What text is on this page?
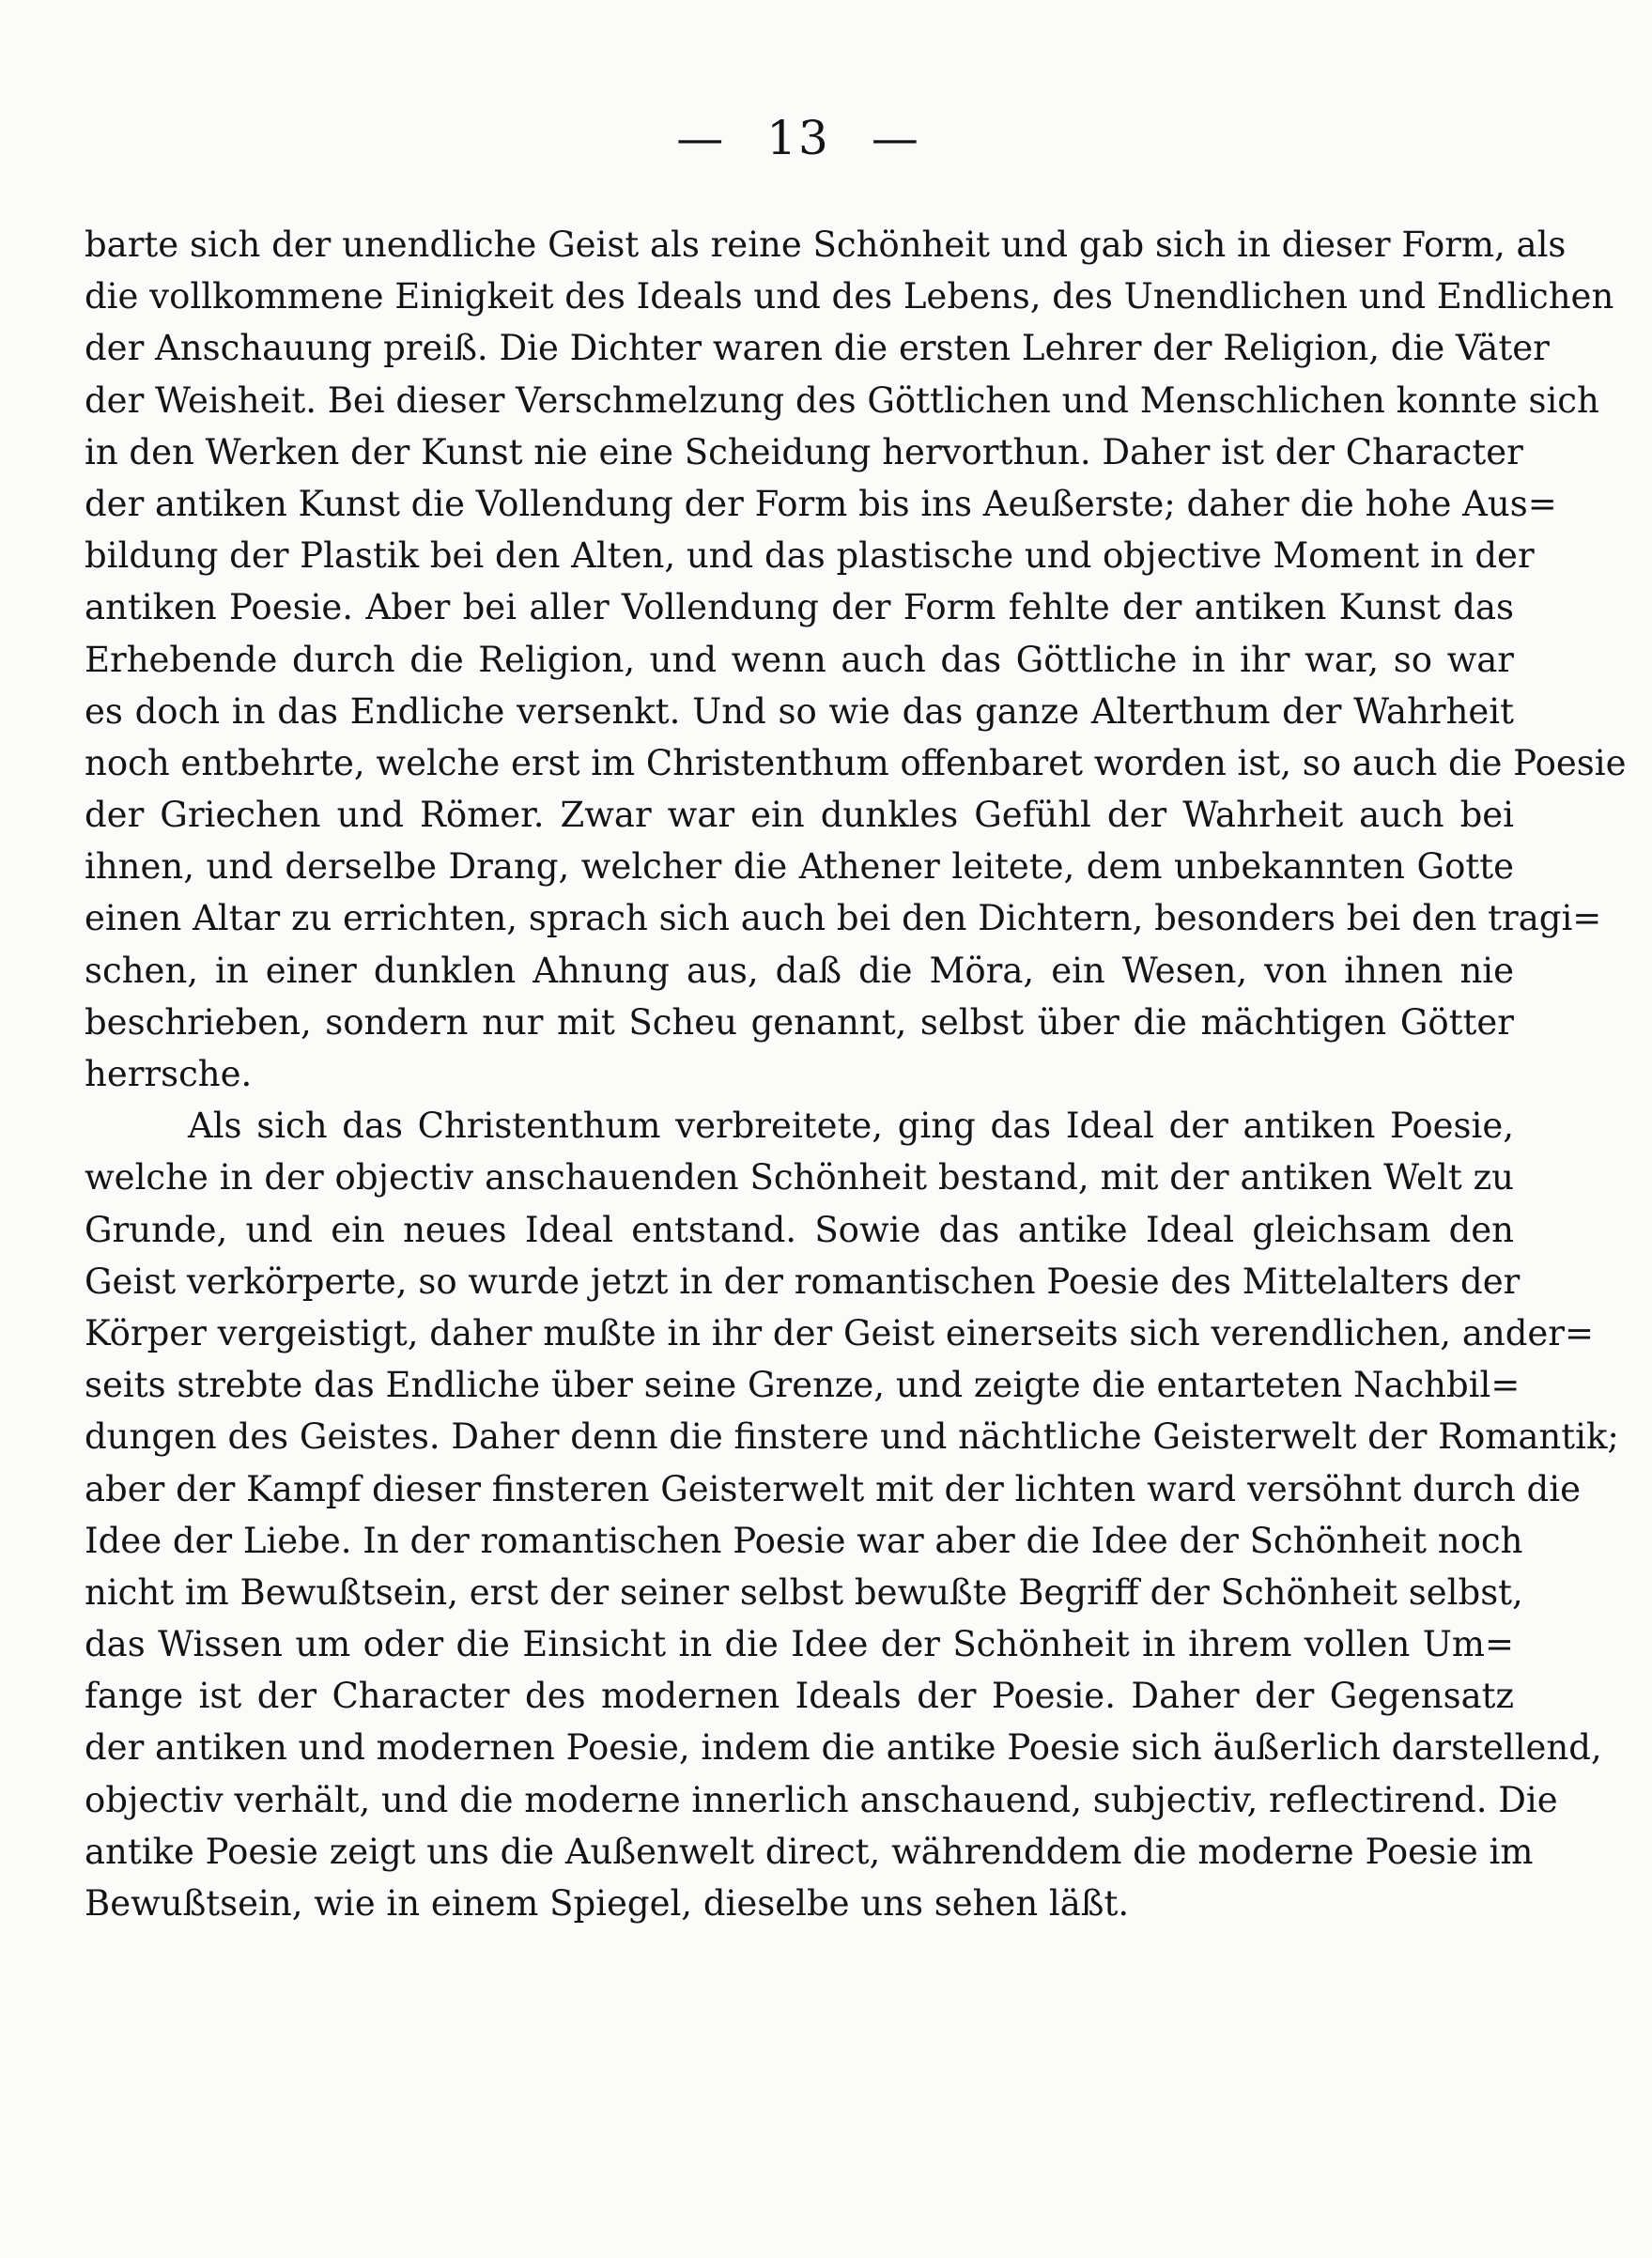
— 13 —
barte sich der unendliche Geist als reine Schönheit und gab sich in dieser Form, als
die vollkommene Einigkeit des Ideals und des Lebens, des Unendlichen und Endlichen
der Anschauung preiß. Die Dichter waren die ersten Lehrer der Religion, die Väter
der Weisheit. Bei dieser Verschmelzung des Göttlichen und Menschlichen konnte sich
in den Werken der Kunst nie eine Scheidung hervorthun. Daher ist der Character
der antiken Kunst die Vollendung der Form bis ins Aeußerste; daher die hohe Aus=
bildung der Plastik bei den Alten, und das plastische und objective Moment in der
antiken Poesie. Aber bei aller Vollendung der Form fehlte der antiken Kunst das
Erhebende durch die Religion, und wenn auch das Göttliche in ihr war, so war
es doch in das Endliche versenkt. Und so wie das ganze Alterthum der Wahrheit
noch entbehrte, welche erst im Christenthum offenbaret worden ist, so auch die Poesie
der Griechen und Römer. Zwar war ein dunkles Gefühl der Wahrheit auch bei
ihnen, und derselbe Drang, welcher die Athener leitete, dem unbekannten Gotte
einen Altar zu errichten, sprach sich auch bei den Dichtern, besonders bei den tragi=
schen, in einer dunklen Ahnung aus, daß die Möra, ein Wesen, von ihnen nie
beschrieben, sondern nur mit Scheu genannt, selbst über die mächtigen Götter
herrsche.
Als sich das Christenthum verbreitete, ging das Ideal der antiken Poesie,
welche in der objectiv anschauenden Schönheit bestand, mit der antiken Welt zu
Grunde, und ein neues Ideal entstand. Sowie das antike Ideal gleichsam den
Geist verkörperte, so wurde jetzt in der romantischen Poesie des Mittelalters der
Körper vergeistigt, daher mußte in ihr der Geist einerseits sich verendlichen, ander=
seits strebte das Endliche über seine Grenze, und zeigte die entarteten Nachbil=
dungen des Geistes. Daher denn die finstere und nächtliche Geisterwelt der Romantik;
aber der Kampf dieser finsteren Geisterwelt mit der lichten ward versöhnt durch die
Idee der Liebe. In der romantischen Poesie war aber die Idee der Schönheit noch
nicht im Bewußtsein, erst der seiner selbst bewußte Begriff der Schönheit selbst,
das Wissen um oder die Einsicht in die Idee der Schönheit in ihrem vollen Um=
fange ist der Character des modernen Ideals der Poesie. Daher der Gegensatz
der antiken und modernen Poesie, indem die antike Poesie sich äußerlich darstellend,
objectiv verhält, und die moderne innerlich anschauend, subjectiv, reflectirend. Die
antike Poesie zeigt uns die Außenwelt direct, währenddem die moderne Poesie im
Bewußtsein, wie in einem Spiegel, dieselbe uns sehen läßt.
